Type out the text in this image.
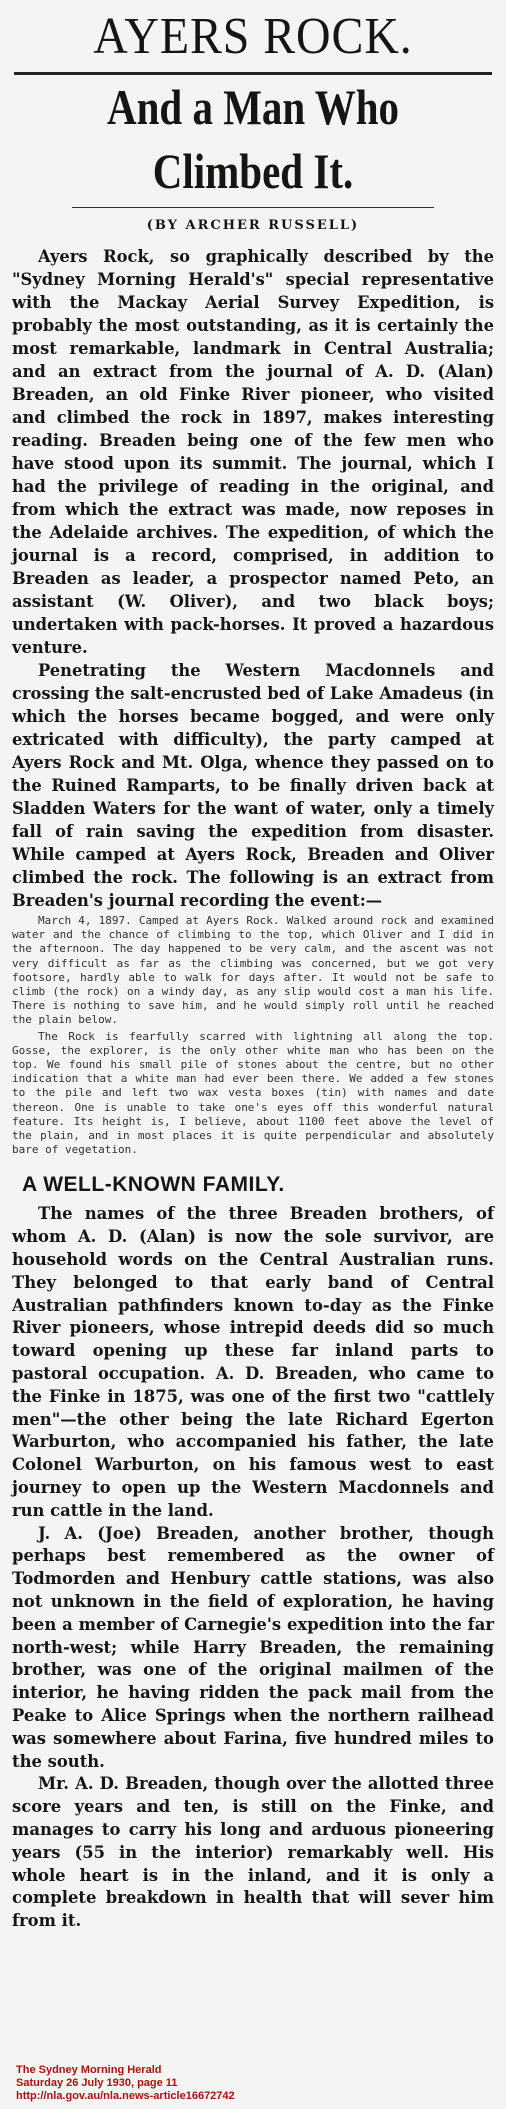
AYERS ROCK.
And a Man Who Climbed It.
(BY ARCHER RUSSELL)

Ayers Rock, so graphically described by the "Sydney Morning Herald's" special representative with the Mackay Aerial Survey Expedition, is probably the most outstanding, as it is certainly the most remarkable, landmark in Central Australia; and an extract from the journal of A. D. (Alan) Breaden, an old Finke River pioneer, who visited and climbed the rock in 1897, makes interesting reading. Breaden being one of the few men who have stood upon its summit. The journal, which I had the privilege of reading in the original, and from which the extract was made, now reposes in the Adelaide archives. The expedition, of which the journal is a record, comprised, in addition to Breaden as leader, a prospector named Peto, an assistant (W. Oliver), and two black boys; undertaken with pack-horses. It proved a hazardous venture.

Penetrating the Western Macdonnels and crossing the salt-encrusted bed of Lake Amadeus (in which the horses became bogged, and were only extricated with difficulty), the party camped at Ayers Rock and Mt. Olga, whence they passed on to the Ruined Ramparts, to be finally driven back at Sladden Waters for the want of water, only a timely fall of rain saving the expedition from disaster. While camped at Ayers Rock, Breaden and Oliver climbed the rock. The following is an extract from Breaden's journal recording the event:—

March 4, 1897. Camped at Ayers Rock. Walked around rock and examined water and the chance of climbing to the top, which Oliver and I did in the afternoon. The day happened to be very calm, and the ascent was not very difficult as far as the climbing was concerned, but we got very footsore, hardly able to walk for days after. It would not be safe to climb (the rock) on a windy day, as any slip would cost a man his life. There is nothing to save him, and he would simply roll until he reached the plain below.

The Rock is fearfully scarred with lightning all along the top. Gosse, the explorer, is the only other white man who has been on the top. We found his small pile of stones about the centre, but no other indication that a white man had ever been there. We added a few stones to the pile and left two wax vesta boxes (tin) with names and date thereon. One is unable to take one's eyes off this wonderful natural feature. Its height is, I believe, about 1100 feet above the level of the plain, and in most places it is quite perpendicular and absolutely bare of vegetation.

A WELL-KNOWN FAMILY.

The names of the three Breaden brothers, of whom A. D. (Alan) is now the sole survivor, are household words on the Central Australian runs. They belonged to that early band of Central Australian pathfinders known to-day as the Finke River pioneers, whose intrepid deeds did so much toward opening up these far inland parts to pastoral occupation. A. D. Breaden, who came to the Finke in 1875, was one of the first two "cattlely men"—the other being the late Richard Egerton Warburton, who accompanied his father, the late Colonel Warburton, on his famous west to east journey to open up the Western Macdonnels and run cattle in the land.

J. A. (Joe) Breaden, another brother, though perhaps best remembered as the owner of Todmorden and Henbury cattle stations, was also not unknown in the field of exploration, he having been a member of Carnegie's expedition into the far north-west; while Harry Breaden, the remaining brother, was one of the original mailmen of the interior, he having ridden the pack mail from the Peake to Alice Springs when the northern railhead was somewhere about Farina, five hundred miles to the south.

Mr. A. D. Breaden, though over the allotted three score years and ten, is still on the Finke, and manages to carry his long and arduous pioneering years (55 in the interior) remarkably well. His whole heart is in the inland, and it is only a complete breakdown in health that will sever him from it.

The Sydney Morning Herald
Saturday 26 July 1930, page 11
http://nla.gov.au/nla.news-article16672742
